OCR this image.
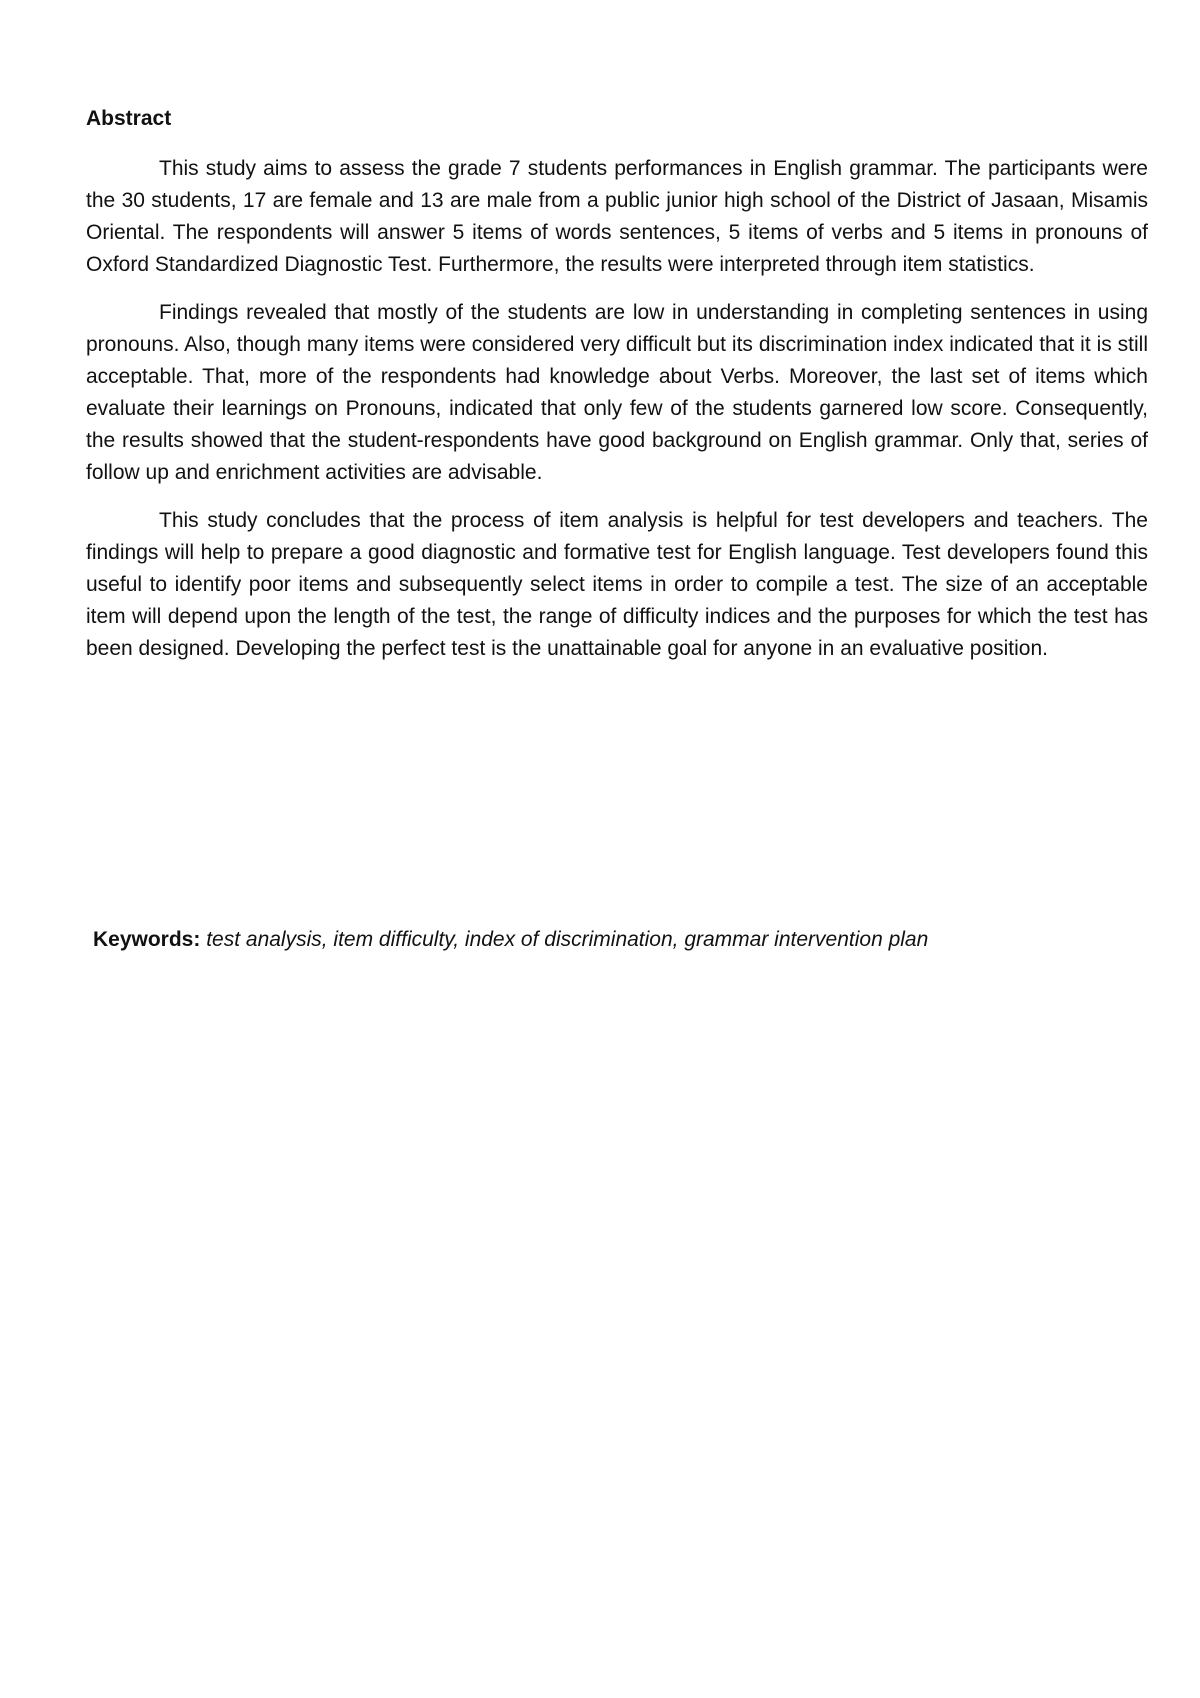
Abstract

This study aims to assess the grade 7 students performances in English grammar. The participants were the 30 students, 17 are female and 13 are male from a public junior high school of the District of Jasaan, Misamis Oriental. The respondents will answer 5 items of words sentences, 5 items of verbs and 5 items in pronouns of Oxford Standardized Diagnostic Test. Furthermore, the results were interpreted through item statistics.

Findings revealed that mostly of the students are low in understanding in completing sentences in using pronouns. Also, though many items were considered very difficult but its discrimination index indicated that it is still acceptable. That, more of the respondents had knowledge about Verbs. Moreover, the last set of items which evaluate their learnings on Pronouns, indicated that only few of the students garnered low score. Consequently, the results showed that the student-respondents have good background on English grammar. Only that, series of follow up and enrichment activities are advisable.

This study concludes that the process of item analysis is helpful for test developers and teachers. The findings will help to prepare a good diagnostic and formative test for English language. Test developers found this useful to identify poor items and subsequently select items in order to compile a test. The size of an acceptable item will depend upon the length of the test, the range of difficulty indices and the purposes for which the test has been designed. Developing the perfect test is the unattainable goal for anyone in an evaluative position.

Keywords: test analysis, item difficulty, index of discrimination, grammar intervention plan
